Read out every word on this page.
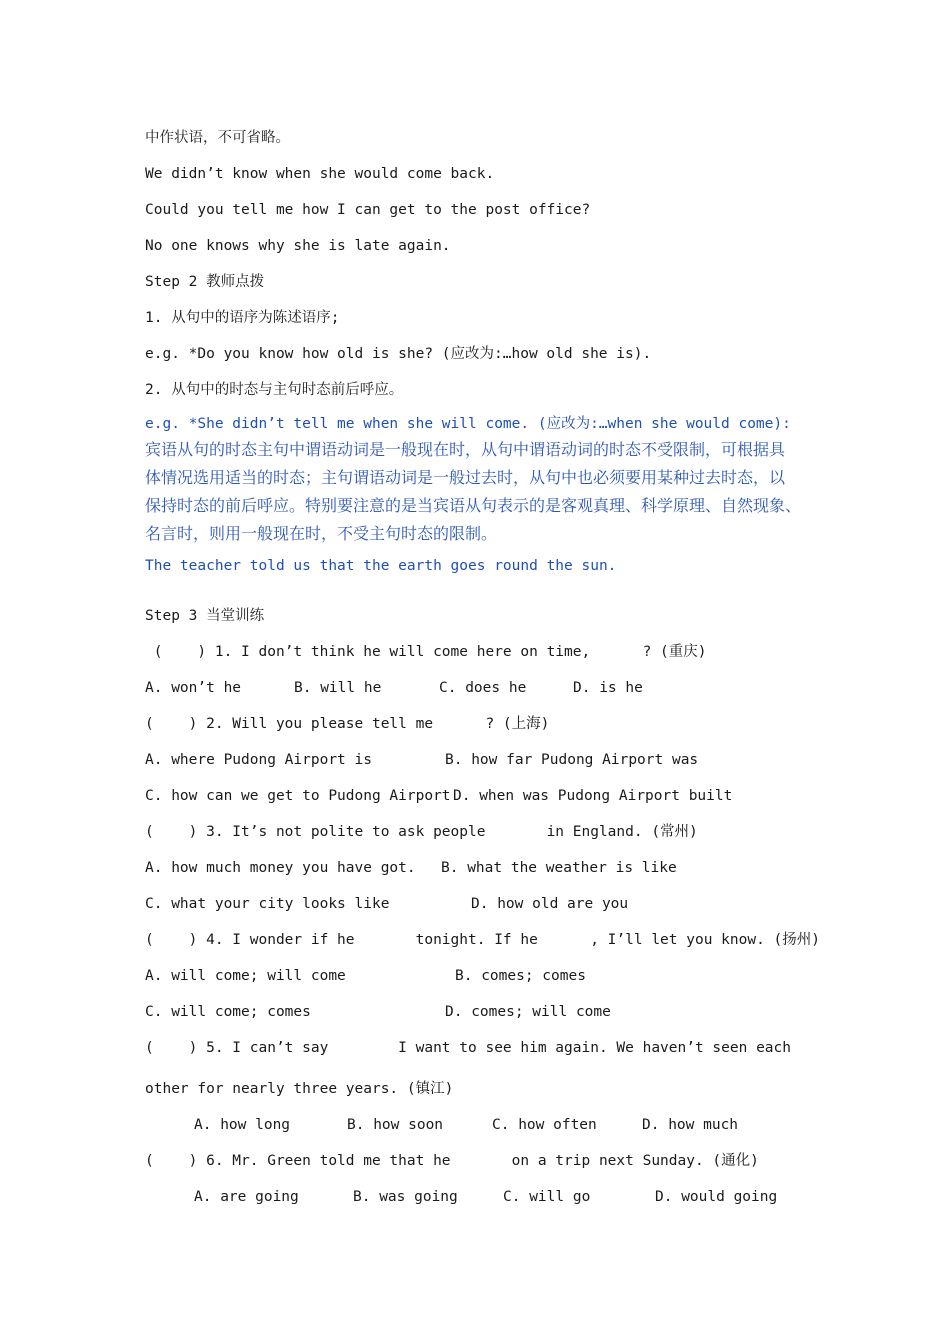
中作状语，不可省略。
We didn’t know when she would come back.
Could you tell me how I can get to the post office?
No one knows why she is late again.
Step 2 教师点拨
1. 从句中的语序为陈述语序;
e.g. *Do you know how old is she? (应改为:…how old she is).
2. 从句中的时态与主句时态前后呼应。
e.g. *She didn’t tell me when she will come. (应改为:…when she would come):
宾语从句的时态主句中谓语动词是一般现在时，从句中谓语动词的时态不受限制，可根据具
体情况选用适当的时态；主句谓语动词是一般过去时，从句中也必须要用某种过去时态，以
保持时态的前后呼应。特别要注意的是当宾语从句表示的是客观真理、科学原理、自然现象、
名言时，则用一般现在时，不受主句时态的限制。
The teacher told us that the earth goes round the sun.
Step 3 当堂训练
(    ) 1. I don’t think he will come here on time,      ? (重庆)
A. won’t he	B. will he	C. does he	D. is he
(    ) 2. Will you please tell me      ? (上海)
A. where Pudong Airport is	B. how far Pudong Airport was
C. how can we get to Pudong Airport D. when was Pudong Airport built
(    ) 3. It’s not polite to ask people       in England. (常州)
A. how much money you have got. B. what the weather is like
C. what your city looks like	D. how old are you
(    ) 4. I wonder if he       tonight. If he      , I’ll let you know. (扬州)
A. will come; will come	B. comes; comes
C. will come; comes	D. comes; will come
(    ) 5. I can’t say        I want to see him again. We haven’t seen each
other for nearly three years. (镇江)
A. how long	B. how soon	C. how often	D. how much
(    ) 6. Mr. Green told me that he       on a trip next Sunday. (通化)
A. are going	B. was going	C. will go	D. would going
